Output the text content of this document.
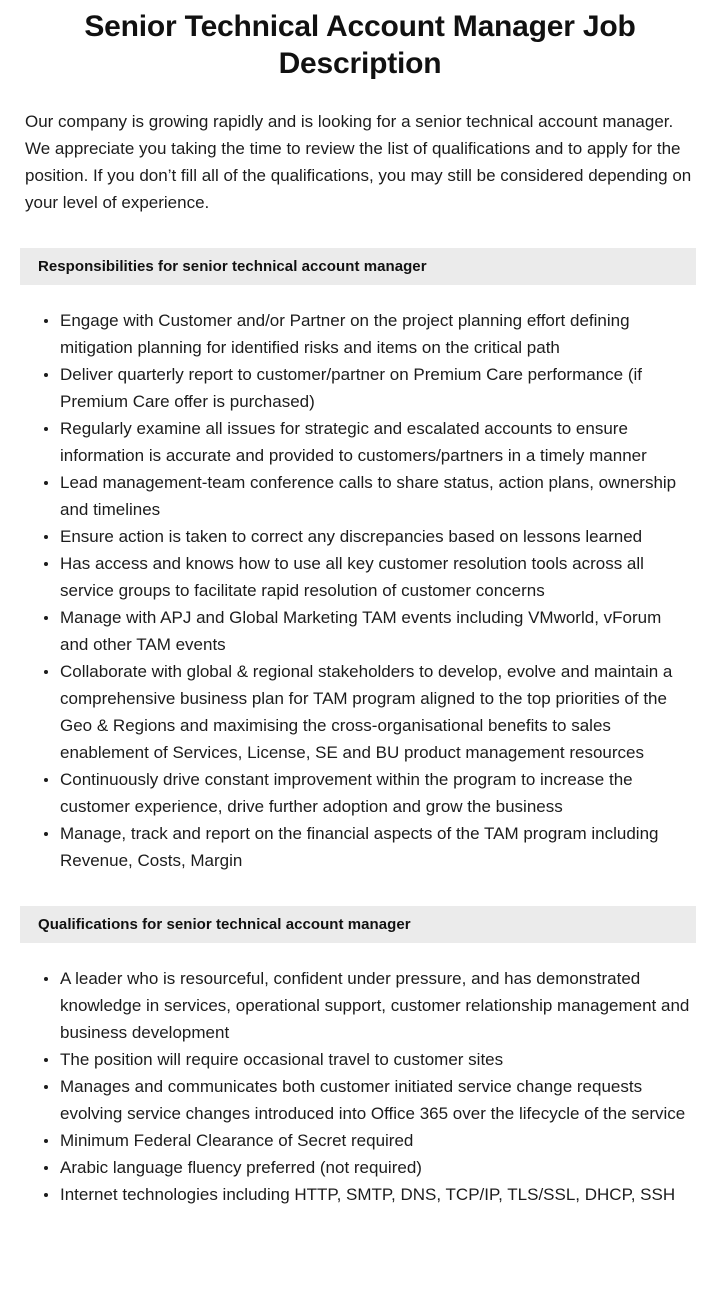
Senior Technical Account Manager Job Description

Our company is growing rapidly and is looking for a senior technical account manager. We appreciate you taking the time to review the list of qualifications and to apply for the position. If you don’t fill all of the qualifications, you may still be considered depending on your level of experience.

Responsibilities for senior technical account manager
Engage with Customer and/or Partner on the project planning effort defining mitigation planning for identified risks and items on the critical path
Deliver quarterly report to customer/partner on Premium Care performance (if Premium Care offer is purchased)
Regularly examine all issues for strategic and escalated accounts to ensure information is accurate and provided to customers/partners in a timely manner
Lead management-team conference calls to share status, action plans, ownership and timelines
Ensure action is taken to correct any discrepancies based on lessons learned
Has access and knows how to use all key customer resolution tools across all service groups to facilitate rapid resolution of customer concerns
Manage with APJ and Global Marketing TAM events including VMworld, vForum and other TAM events
Collaborate with global & regional stakeholders to develop, evolve and maintain a comprehensive business plan for TAM program aligned to the top priorities of the Geo & Regions and maximising the cross-organisational benefits to sales enablement of Services, License, SE and BU product management resources
Continuously drive constant improvement within the program to increase the customer experience, drive further adoption and grow the business
Manage, track and report on the financial aspects of the TAM program including Revenue, Costs, Margin
Qualifications for senior technical account manager
A leader who is resourceful, confident under pressure, and has demonstrated knowledge in services, operational support, customer relationship management and business development
The position will require occasional travel to customer sites
Manages and communicates both customer initiated service change requests evolving service changes introduced into Office 365 over the lifecycle of the service
Minimum Federal Clearance of Secret required
Arabic language fluency preferred (not required)
Internet technologies including HTTP, SMTP, DNS, TCP/IP, TLS/SSL, DHCP, SSH
